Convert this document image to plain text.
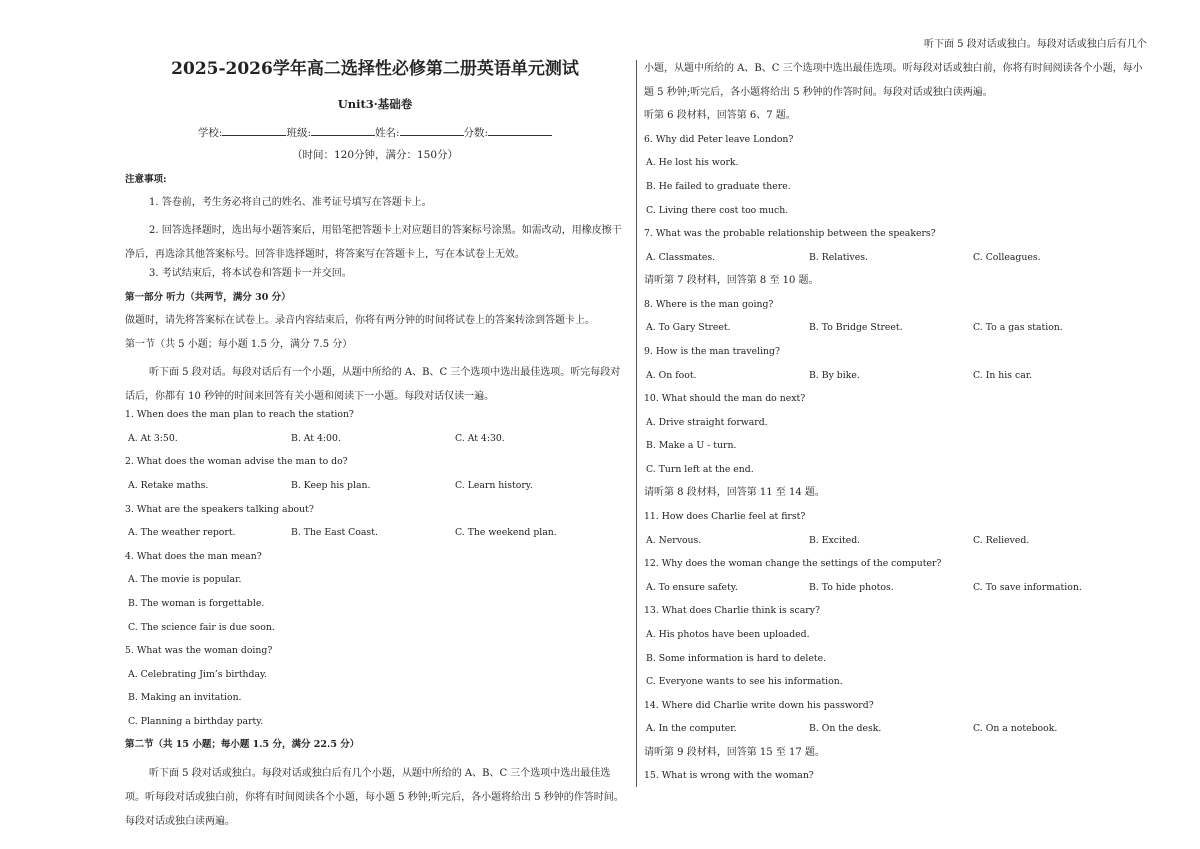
2025-2026学年高二选择性必修第二册英语单元测试
Unit3·基础卷
学校:	班级:	姓名:	分数:
（时间：120分钟，满分：150分）
注意事项:
1. 答卷前，考生务必将自己的姓名、准考证号填写在答题卡上。
2. 回答选择题时，选出每小题答案后，用铅笔把答题卡上对应题目的答案标号涂黑。如需改动，用橡皮擦干净后，再选涂其他答案标号。回答非选择题时，将答案写在答题卡上，写在本试卷上无效。
3. 考试结束后，将本试卷和答题卡一并交回。
第一部分 听力（共两节，满分 30 分）
做题时，请先将答案标在试卷上。录音内容结束后，你将有两分钟的时间将试卷上的答案转涂到答题卡上。
第一节（共 5 小题；每小题 1.5 分，满分 7.5 分）
听下面 5 段对话。每段对话后有一个小题，从题中所给的 A、B、C 三个选项中选出最佳选项。听完每段对话后，你都有 10 秒钟的时间来回答有关小题和阅读下一小题。每段对话仅读一遍。
1. When does the man plan to reach the station?
A. At 3:50.	B. At 4:00.	C. At 4:30.
2. What does the woman advise the man to do?
A. Retake maths.	B. Keep his plan.	C. Learn history.
3. What are the speakers talking about?
A. The weather report.	B. The East Coast.	C. The weekend plan.
4. What does the man mean?
A. The movie is popular.
B. The woman is forgettable.
C. The science fair is due soon.
5. What was the woman doing?
A. Celebrating Jim’s birthday.
B. Making an invitation.
C. Planning a birthday party.
第二节（共 15 小题；每小题 1.5 分，满分 22.5 分）
听下面 5 段对话或独白。每段对话或独白后有几个小题，从题中所给的 A、B、C 三个选项中选出最佳选项。听每段对话或独白前，你将有时间阅读各个小题，每小题 5 秒钟;听完后，各小题将给出 5 秒钟的作答时间。每段对话或独白读两遍。
听下面 5 段对话或独白。每段对话或独白后有几个小题，从题中所给的 A、B、C 三个选项中选出最佳选项。听每段对话或独白前，你将有时间阅读各个小题，每小题 5 秒钟;听完后，各小题将给出 5 秒钟的作答时间。每段对话或独白读两遍。
听第 6 段材料，回答第 6、7 题。
6. Why did Peter leave London?
A. He lost his work.
B. He failed to graduate there.
C. Living there cost too much.
7. What was the probable relationship between the speakers?
A. Classmates.	B. Relatives.	C. Colleagues.
请听第 7 段材料，回答第 8 至 10 题。
8. Where is the man going?
A. To Gary Street.	B. To Bridge Street.	C. To a gas station.
9. How is the man traveling?
A. On foot.	B. By bike.	C. In his car.
10. What should the man do next?
A. Drive straight forward.
B. Make a U - turn.
C. Turn left at the end.
请听第 8 段材料，回答第 11 至 14 题。
11. How does Charlie feel at first?
A. Nervous.	B. Excited.	C. Relieved.
12. Why does the woman change the settings of the computer?
A. To ensure safety.	B. To hide photos.	C. To save information.
13. What does Charlie think is scary?
A. His photos have been uploaded.
B. Some information is hard to delete.
C. Everyone wants to see his information.
14. Where did Charlie write down his password?
A. In the computer.	B. On the desk.	C. On a notebook.
请听第 9 段材料，回答第 15 至 17 题。
15. What is wrong with the woman?
